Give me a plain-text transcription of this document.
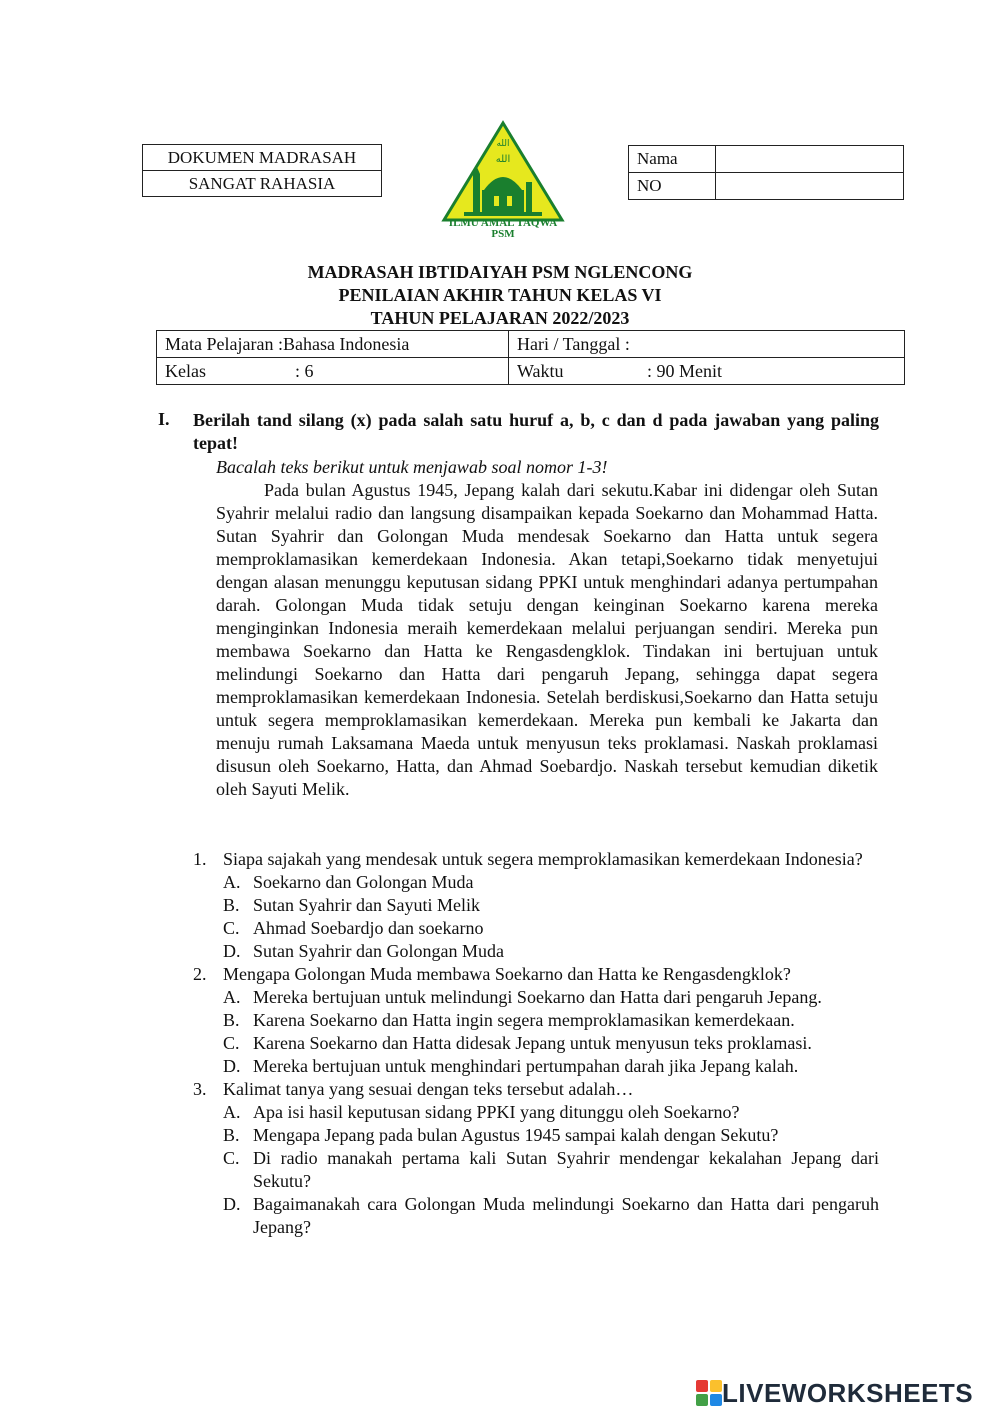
DOKUMEN MADRASAH
SANGAT RAHASIA
الله
الله
ILMU AMAL TAQWA
PSM
Nama	
NO	
MADRASAH IBTIDAIYAH PSM NGLENCONG
PENILAIAN AKHIR TAHUN KELAS VI
TAHUN PELAJARAN 2022/2023
Mata Pelajaran :Bahasa Indonesia	Hari / Tanggal :
Kelas : 6	Waktu : 90 Menit
I. Berilah tand silang (x) pada salah satu huruf a, b, c dan d pada jawaban yang paling tepat!
Bacalah teks berikut untuk menjawab soal nomor 1-3!

Pada bulan Agustus 1945, Jepang kalah dari sekutu.Kabar ini didengar oleh Sutan Syahrir melalui radio dan langsung disampaikan kepada Soekarno dan Mohammad Hatta. Sutan Syahrir dan Golongan Muda mendesak Soekarno dan Hatta untuk segera memproklamasikan kemerdekaan Indonesia. Akan tetapi,Soekarno tidak menyetujui dengan alasan menunggu keputusan sidang PPKI untuk menghindari adanya pertumpahan darah. Golongan Muda tidak setuju dengan keinginan Soekarno karena mereka menginginkan Indonesia meraih kemerdekaan melalui perjuangan sendiri. Mereka pun membawa Soekarno dan Hatta ke Rengasdengklok. Tindakan ini bertujuan untuk melindungi Soekarno dan Hatta dari pengaruh Jepang, sehingga dapat segera memproklamasikan kemerdekaan Indonesia. Setelah berdiskusi,Soekarno dan Hatta setuju untuk segera memproklamasikan kemerdekaan. Mereka pun kembali ke Jakarta dan menuju rumah Laksamana Maeda untuk menyusun teks proklamasi. Naskah proklamasi disusun oleh Soekarno, Hatta, dan Ahmad Soebardjo. Naskah tersebut kemudian diketik oleh Sayuti Melik.

1. Siapa sajakah yang mendesak untuk segera memproklamasikan kemerdekaan Indonesia?
A. Soekarno dan Golongan Muda
B. Sutan Syahrir dan Sayuti Melik
C. Ahmad Soebardjo dan soekarno
D. Sutan Syahrir dan Golongan Muda
2. Mengapa Golongan Muda membawa Soekarno dan Hatta ke Rengasdengklok?
A. Mereka bertujuan untuk melindungi Soekarno dan Hatta dari pengaruh Jepang.
B. Karena Soekarno dan Hatta ingin segera memproklamasikan kemerdekaan.
C. Karena Soekarno dan Hatta didesak Jepang untuk menyusun teks proklamasi.
D. Mereka bertujuan untuk menghindari pertumpahan darah jika Jepang kalah.
3. Kalimat tanya yang sesuai dengan teks tersebut adalah…
A. Apa isi hasil keputusan sidang PPKI yang ditunggu oleh Soekarno?
B. Mengapa Jepang pada bulan Agustus 1945 sampai kalah dengan Sekutu?
C. Di radio manakah pertama kali Sutan Syahrir mendengar kekalahan Jepang dari Sekutu?
D. Bagaimanakah cara Golongan Muda melindungi Soekarno dan Hatta dari pengaruh Jepang?
LIVEWORKSHEETS
